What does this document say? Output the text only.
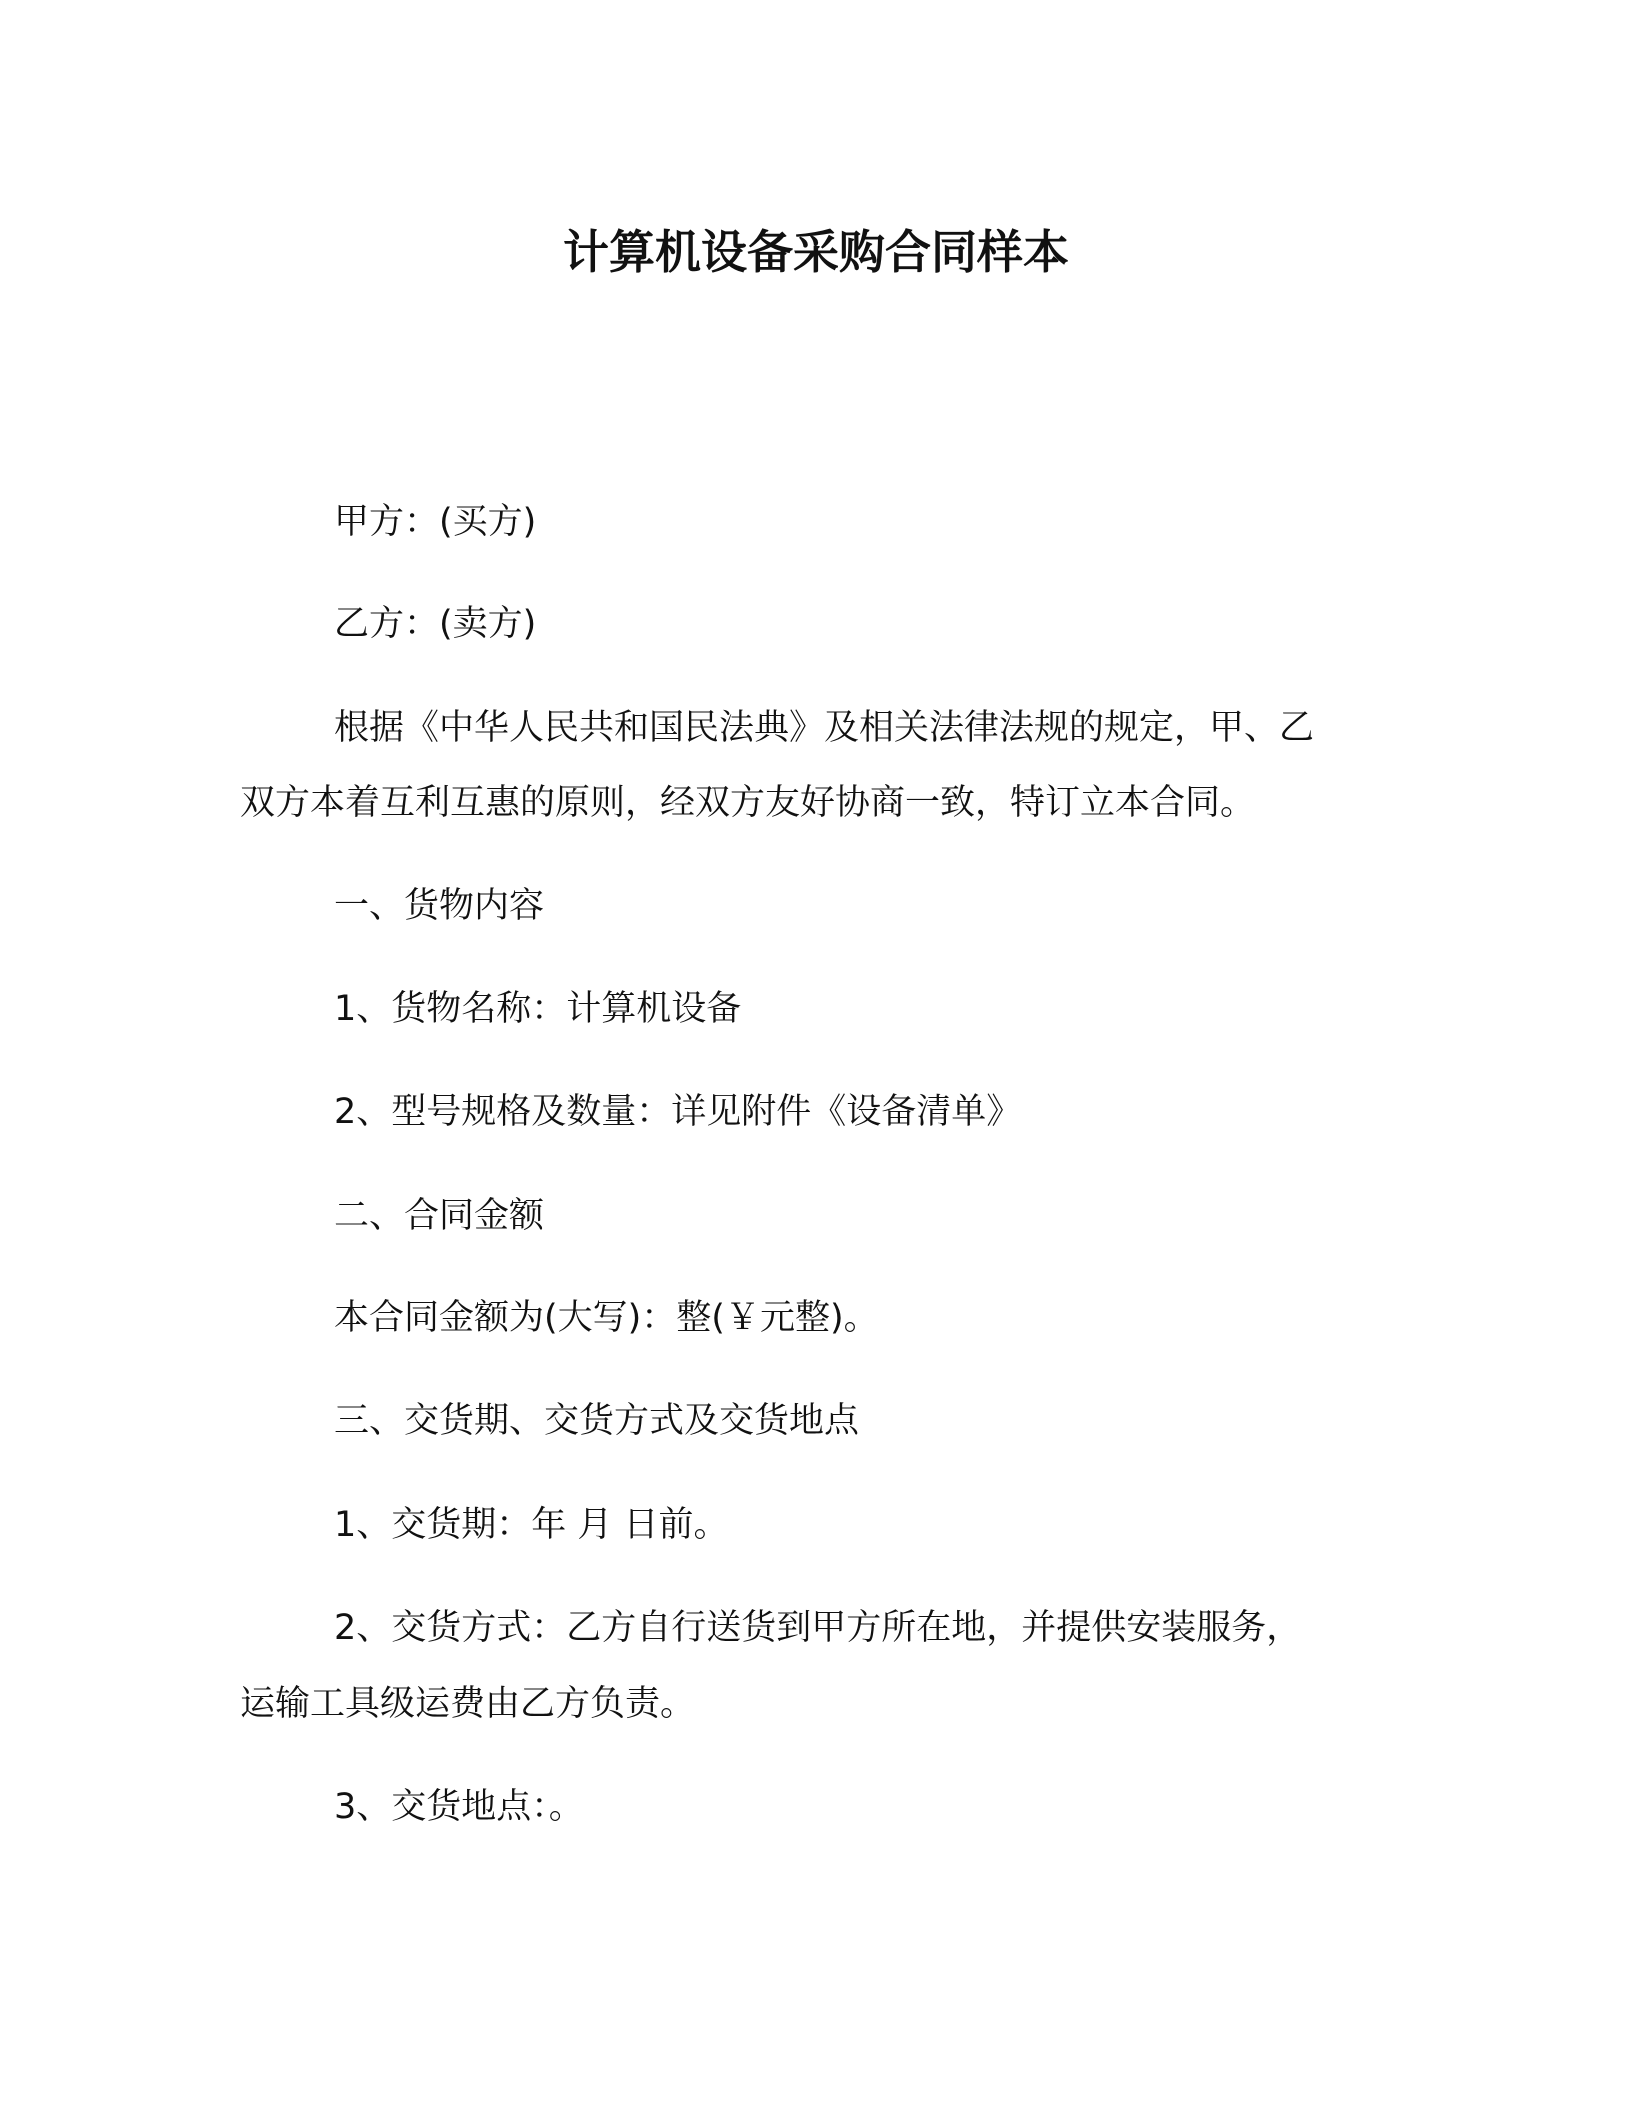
计算机设备采购合同样本
甲方：(买方)
乙方：(卖方)
根据《中华人民共和国民法典》及相关法律法规的规定，甲、乙
双方本着互利互惠的原则，经双方友好协商一致，特订立本合同。
一、货物内容
1、货物名称：计算机设备
2、型号规格及数量：详见附件《设备清单》
二、合同金额
本合同金额为(大写)：整(￥元整)。
三、交货期、交货方式及交货地点
1、交货期：年 月 日前。
2、交货方式：乙方自行送货到甲方所在地，并提供安装服务，
运输工具级运费由乙方负责。
3、交货地点：。
